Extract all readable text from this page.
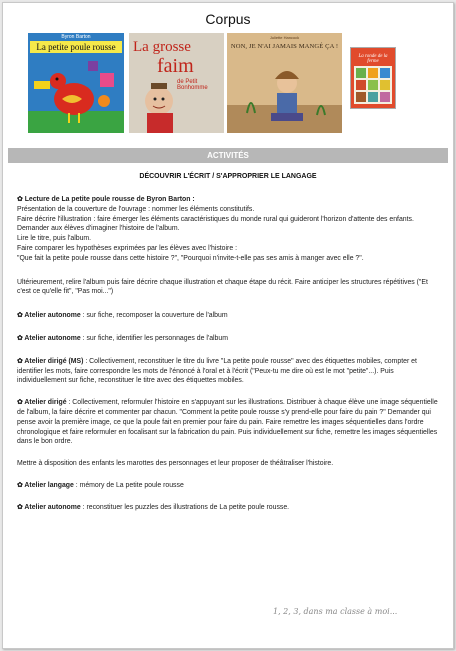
Corpus
Byron Barton
La petite poule rousse	La grosse
faim
de Petit Bonhomme
Juliette Hancock
NON, JE N'AI JAMAIS MANGÉ ÇA !
La ronde de la ferme
ACTIVITÉS
DÉCOUVRIR L'ÉCRIT / S'APPROPRIER LE LANGAGE

✿ Lecture de La petite poule rousse de Byron Barton :

Présentation de la couverture de l'ouvrage : nommer les éléments constitutifs.

Faire décrire l'illustration : faire émerger les éléments caractéristiques du monde rural qui guideront l'horizon d'attente des enfants.

Demander aux élèves d'imaginer l'histoire de l'album.

Lire le titre, puis l'album.

Faire comparer les hypothèses exprimées par les élèves avec l'histoire :

"Que fait la petite poule rousse dans cette histoire ?", "Pourquoi n'invite-t-elle pas ses amis à manger avec elle ?".

Ultérieurement, relire l'album puis faire décrire chaque illustration et chaque étape du récit. Faire anticiper les structures répétitives ("Et c'est ce qu'elle fit", "Pas moi...")

✿ Atelier autonome : sur fiche, recomposer la couverture de l'album

✿ Atelier autonome : sur fiche, identifier les personnages de l'album

✿ Atelier dirigé (MS) : Collectivement, reconstituer le titre du livre "La petite poule rousse" avec des étiquettes mobiles, compter et identifier les mots, faire correspondre les mots de l'énoncé à l'oral et à l'écrit ("Peux-tu me dire où est le mot "petite"...). Puis individuellement sur fiche, reconstituer le titre avec des étiquettes mobiles.

✿ Atelier dirigé : Collectivement, reformuler l'histoire en s'appuyant sur les illustrations. Distribuer à chaque élève une image séquentielle de l'album, la faire décrire et commenter par chacun. "Comment la petite poule rousse s'y prend-elle pour faire du pain ?" Demander qui pense avoir la première image, ce que la poule fait en premier pour faire du pain. Faire remettre les images séquentielles dans l'ordre chronologique et faire reformuler en focalisant sur la fabrication du pain. Puis individuellement sur fiche, remettre les images séquentielles dans le bon ordre.

Mettre à disposition des enfants les marottes des personnages et leur proposer de théâtraliser l'histoire.

✿ Atelier langage : mémory de La petite poule rousse

✿ Atelier autonome : reconstituer les puzzles des illustrations de La petite poule rousse.

1, 2, 3, dans ma classe à moi...
